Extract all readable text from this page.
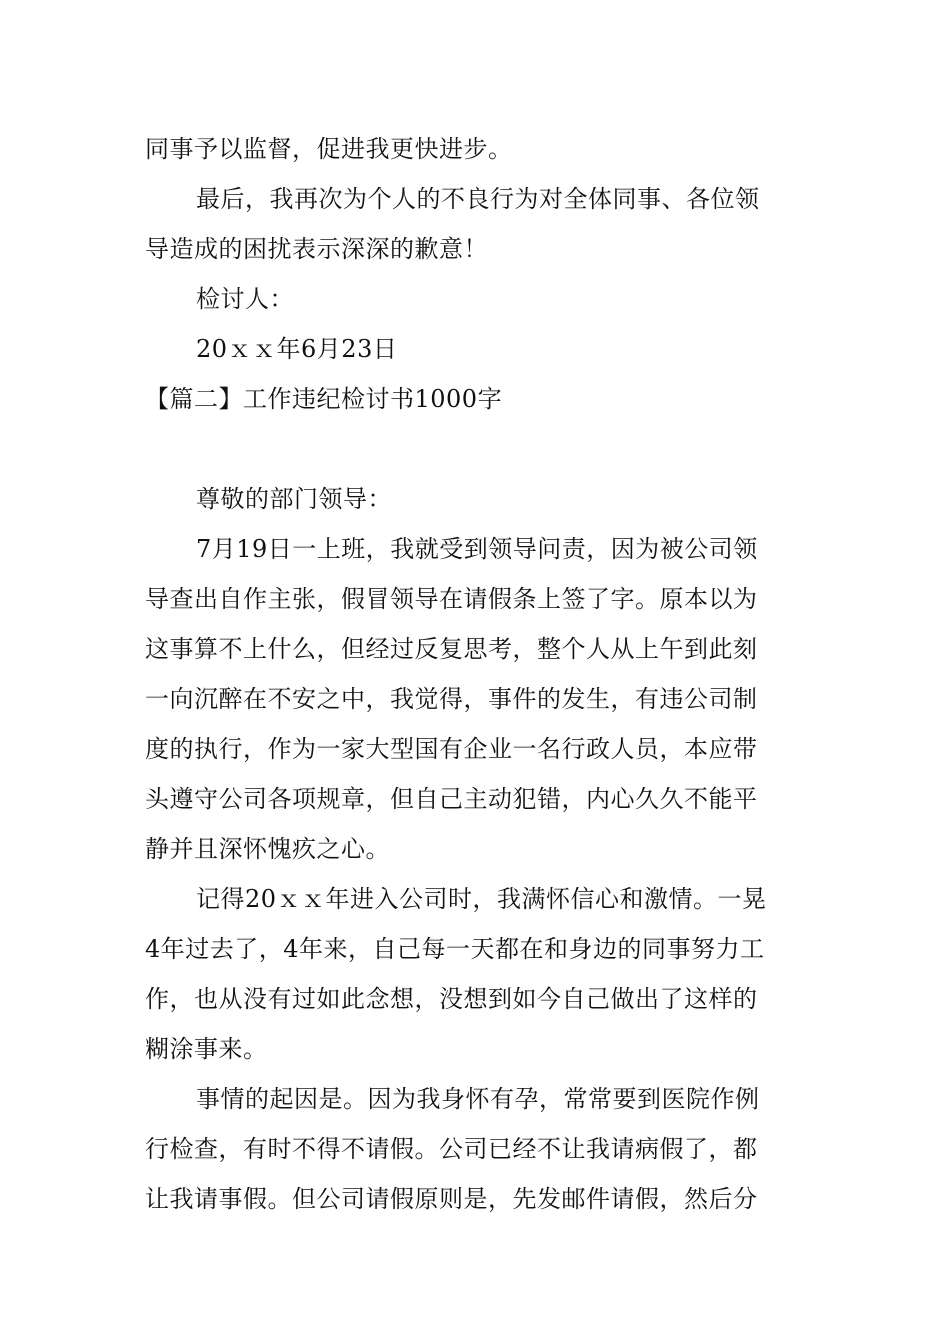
同事予以监督，促进我更快进步。
最后，我再次为个人的不良行为对全体同事、各位领
导造成的困扰表示深深的歉意！
检讨人：
20ｘｘ年6月23日
【篇二】工作违纪检讨书1000字
尊敬的部门领导：
7月19日一上班，我就受到领导问责，因为被公司领
导查出自作主张，假冒领导在请假条上签了字。原本以为
这事算不上什么，但经过反复思考，整个人从上午到此刻
一向沉醉在不安之中，我觉得，事件的发生，有违公司制
度的执行，作为一家大型国有企业一名行政人员，本应带
头遵守公司各项规章，但自己主动犯错，内心久久不能平
静并且深怀愧疚之心。
记得20ｘｘ年进入公司时，我满怀信心和激情。一晃
4年过去了，4年来，自己每一天都在和身边的同事努力工
作，也从没有过如此念想，没想到如今自己做出了这样的
糊涂事来。
事情的起因是。因为我身怀有孕，常常要到医院作例
行检查，有时不得不请假。公司已经不让我请病假了，都
让我请事假。但公司请假原则是，先发邮件请假，然后分
